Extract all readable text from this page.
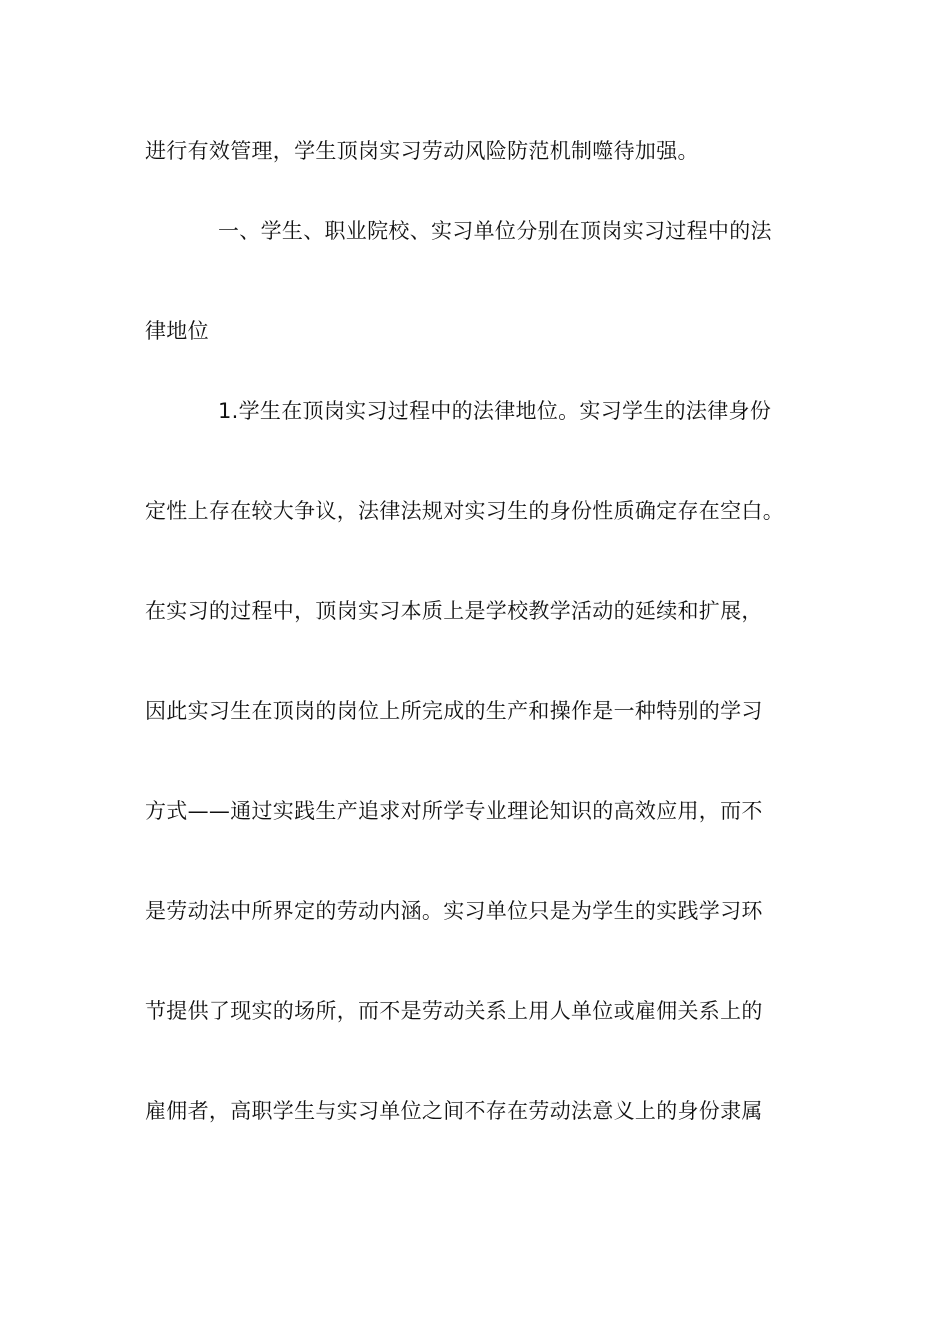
进行有效管理，学生顶岗实习劳动风险防范机制噬待加强。
一、学生、职业院校、实习单位分别在顶岗实习过程中的法
律地位
1.学生在顶岗实习过程中的法律地位。实习学生的法律身份
定性上存在较大争议，法律法规对实习生的身份性质确定存在空白。
在实习的过程中，顶岗实习本质上是学校教学活动的延续和扩展，
因此实习生在顶岗的岗位上所完成的生产和操作是一种特别的学习
方式——通过实践生产追求对所学专业理论知识的高效应用，而不
是劳动法中所界定的劳动内涵。实习单位只是为学生的实践学习环
节提供了现实的场所，而不是劳动关系上用人单位或雇佣关系上的
雇佣者，高职学生与实习单位之间不存在劳动法意义上的身份隶属
